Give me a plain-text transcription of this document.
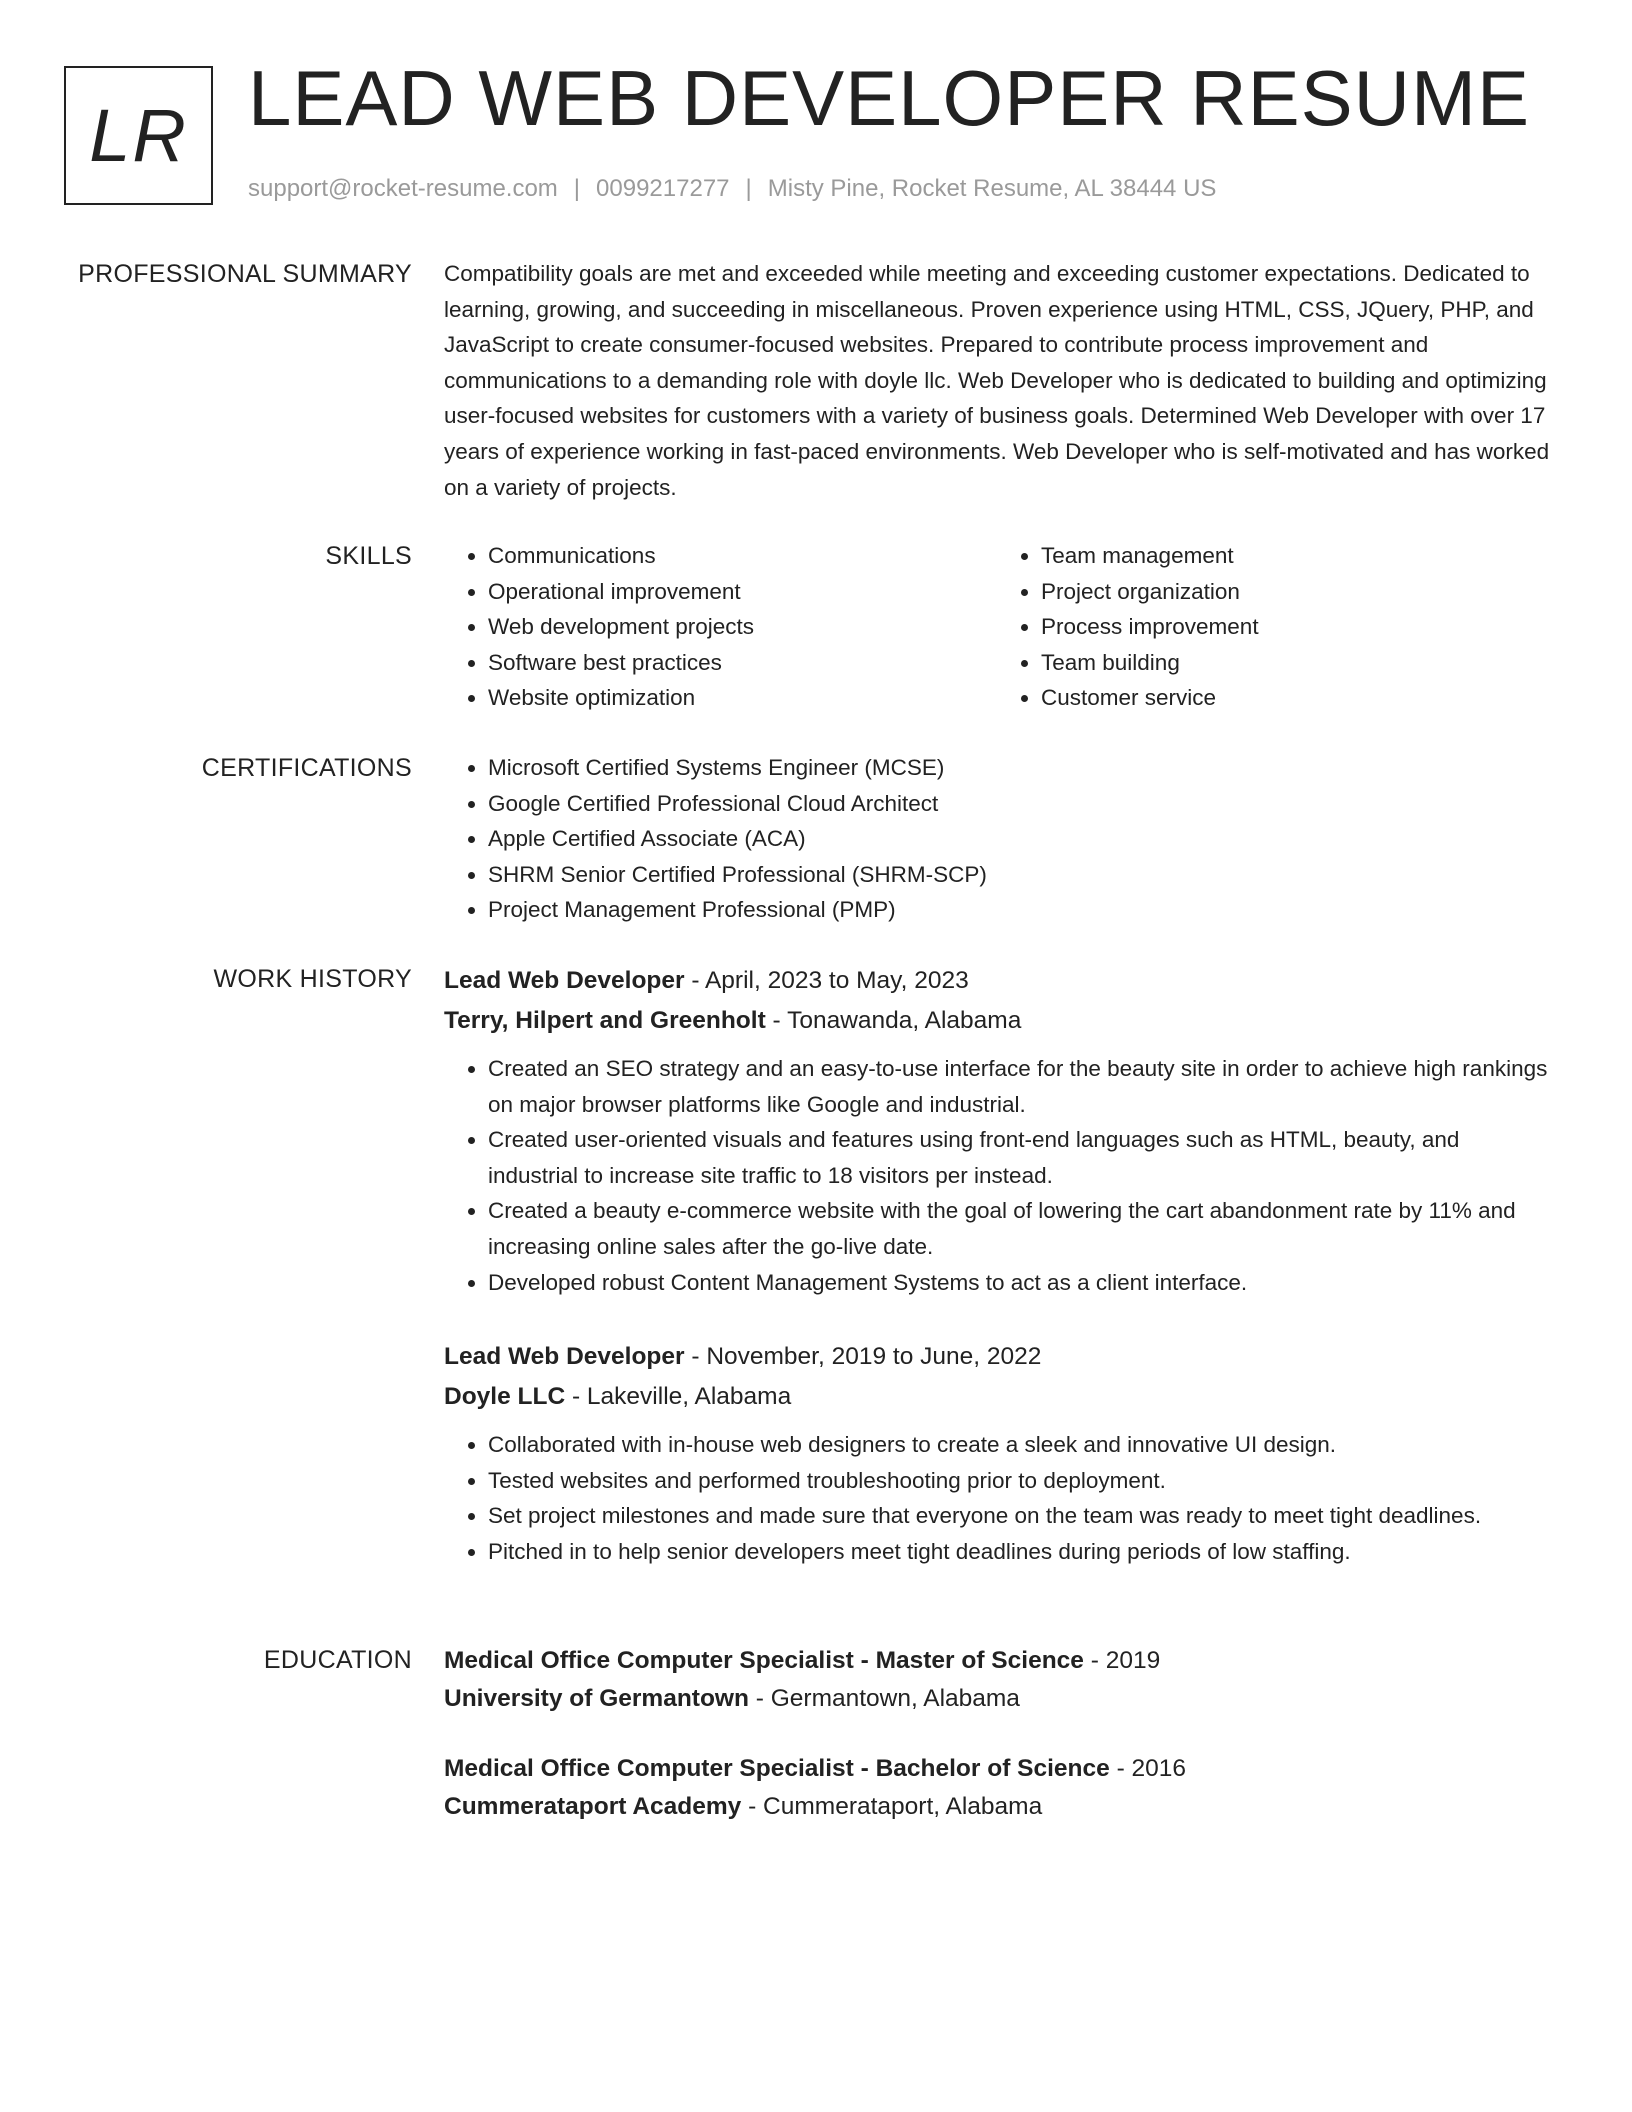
LR LEAD WEB DEVELOPER RESUME
support@rocket-resume.com | 0099217277 | Misty Pine, Rocket Resume, AL 38444 US
PROFESSIONAL SUMMARY Compatibility goals are met and exceeded while meeting and exceeding customer expectations. Dedicated to learning, growing, and succeeding in miscellaneous. Proven experience using HTML, CSS, JQuery, PHP, and JavaScript to create consumer-focused websites. Prepared to contribute process improvement and communications to a demanding role with doyle llc. Web Developer who is dedicated to building and optimizing user-focused websites for customers with a variety of business goals. Determined Web Developer with over 17 years of experience working in fast-paced environments. Web Developer who is self-motivated and has worked on a variety of projects.

SKILLS	• Communications
• Operational improvement
• Web development projects
• Software best practices
• Website optimization
• Team management
• Project organization
• Process improvement
• Team building
• Customer service
CERTIFICATIONS	• Microsoft Certified Systems Engineer (MCSE)
• Google Certified Professional Cloud Architect
• Apple Certified Associate (ACA)
• SHRM Senior Certified Professional (SHRM-SCP)
• Project Management Professional (PMP)
WORK HISTORY Lead Web Developer - April, 2023 to May, 2023
Terry, Hilpert and Greenholt - Tonawanda, Alabama
• Created an SEO strategy and an easy-to-use interface for the beauty site in order to achieve high rankings on major browser platforms like Google and industrial.
• Created user-oriented visuals and features using front-end languages such as HTML, beauty, and industrial to increase site traffic to 18 visitors per instead.
• Created a beauty e-commerce website with the goal of lowering the cart abandonment rate by 11% and increasing online sales after the go-live date.
• Developed robust Content Management Systems to act as a client interface.
Lead Web Developer - November, 2019 to June, 2022
Doyle LLC - Lakeville, Alabama
• Collaborated with in-house web designers to create a sleek and innovative UI design.
• Tested websites and performed troubleshooting prior to deployment.
• Set project milestones and made sure that everyone on the team was ready to meet tight deadlines.
• Pitched in to help senior developers meet tight deadlines during periods of low staffing.
EDUCATION Medical Office Computer Specialist - Master of Science - 2019
University of Germantown - Germantown, Alabama
Medical Office Computer Specialist - Bachelor of Science - 2016
Cummerataport Academy - Cummerataport, Alabama
